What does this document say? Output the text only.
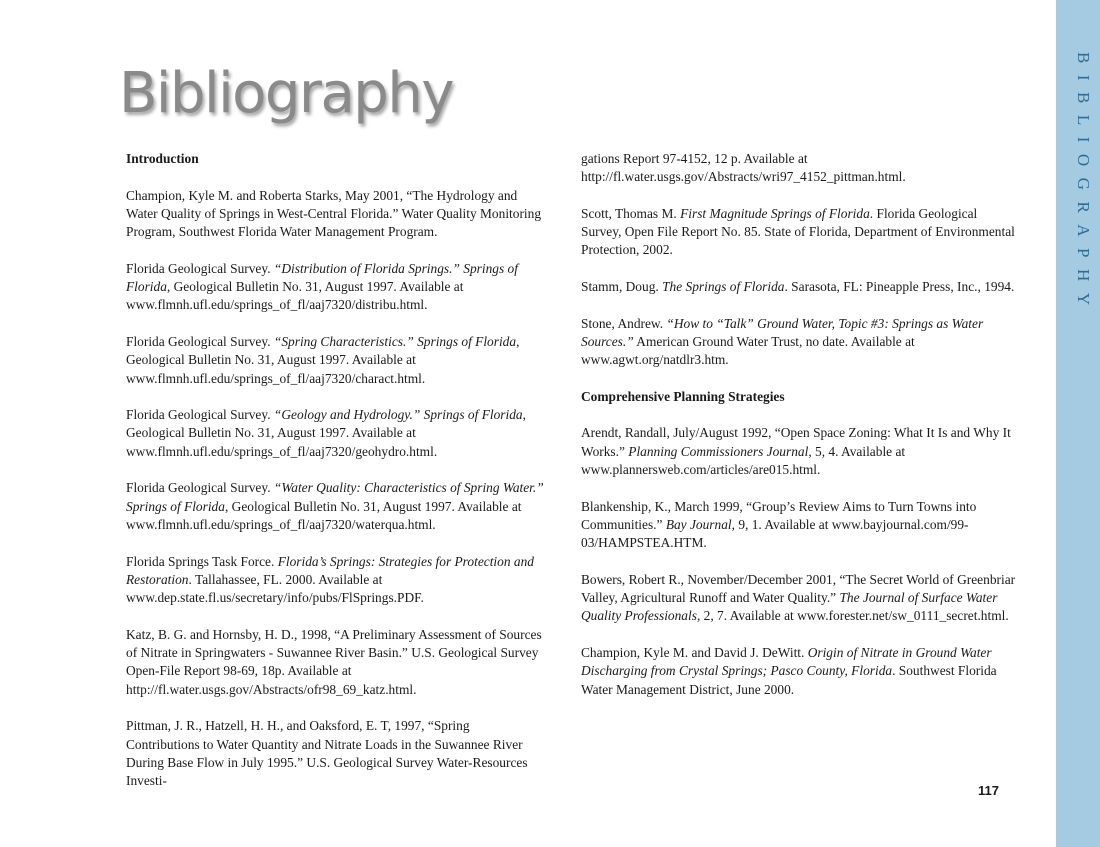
Bibliography

Introduction

Champion, Kyle M. and Roberta Starks, May 2001, “The Hydrology and Water Quality of Springs in West-Central Florida.” Water Quality Monitoring Program, Southwest Florida Water Management Program.

Florida Geological Survey. “Distribution of Florida Springs.” Springs of Florida, Geological Bulletin No. 31, August 1997. Available at www.flmnh.ufl.edu/springs_of_fl/aaj7320/distribu.html.

Florida Geological Survey. “Spring Characteristics.” Springs of Florida, Geological Bulletin No. 31, August 1997. Available at www.flmnh.ufl.edu/springs_of_fl/aaj7320/charact.html.

Florida Geological Survey. “Geology and Hydrology.” Springs of Florida, Geological Bulletin No. 31, August 1997. Available at www.flmnh.ufl.edu/springs_of_fl/aaj7320/geohydro.html.

Florida Geological Survey. “Water Quality: Characteristics of Spring Water.” Springs of Florida, Geological Bulletin No. 31, August 1997. Available at www.flmnh.ufl.edu/springs_of_fl/aaj7320/waterqua.html.

Florida Springs Task Force. Florida’s Springs: Strategies for Protection and Restoration. Tallahassee, FL. 2000. Available at www.dep.state.fl.us/secretary/info/pubs/FlSprings.PDF.

Katz, B. G. and Hornsby, H. D., 1998, “A Preliminary Assessment of Sources of Nitrate in Springwaters - Suwannee River Basin.” U.S. Geological Survey Open-File Report 98-69, 18p. Available at http://fl.water.usgs.gov/Abstracts/ofr98_69_katz.html.

Pittman, J. R., Hatzell, H. H., and Oaksford, E. T, 1997, “Spring Contributions to Water Quantity and Nitrate Loads in the Suwannee River During Base Flow in July 1995.” U.S. Geological Survey Water-Resources Investi-

gations Report 97-4152, 12 p. Available at http://fl.water.usgs.gov/Abstracts/wri97_4152_pittman.html.

Scott, Thomas M. First Magnitude Springs of Florida. Florida Geological Survey, Open File Report No. 85. State of Florida, Department of Environmental Protection, 2002.

Stamm, Doug. The Springs of Florida. Sarasota, FL: Pineapple Press, Inc., 1994.

Stone, Andrew. “How to “Talk” Ground Water, Topic #3: Springs as Water Sources.” American Ground Water Trust, no date. Available at www.agwt.org/natdlr3.htm.

Comprehensive Planning Strategies

Arendt, Randall, July/August 1992, “Open Space Zoning: What It Is and Why It Works.” Planning Commissioners Journal, 5, 4. Available at www.plannersweb.com/articles/are015.html.

Blankenship, K., March 1999, “Group’s Review Aims to Turn Towns into Communities.” Bay Journal, 9, 1. Available at www.bayjournal.com/99-03/HAMPSTEA.HTM.

Bowers, Robert R., November/December 2001, “The Secret World of Greenbriar Valley, Agricultural Runoff and Water Quality.” The Journal of Surface Water Quality Professionals, 2, 7. Available at www.forester.net/sw_0111_secret.html.

Champion, Kyle M. and David J. DeWitt. Origin of Nitrate in Ground Water Discharging from Crystal Springs; Pasco County, Florida. Southwest Florida Water Management District, June 2000.

BIBLIOGRAPHY
117
